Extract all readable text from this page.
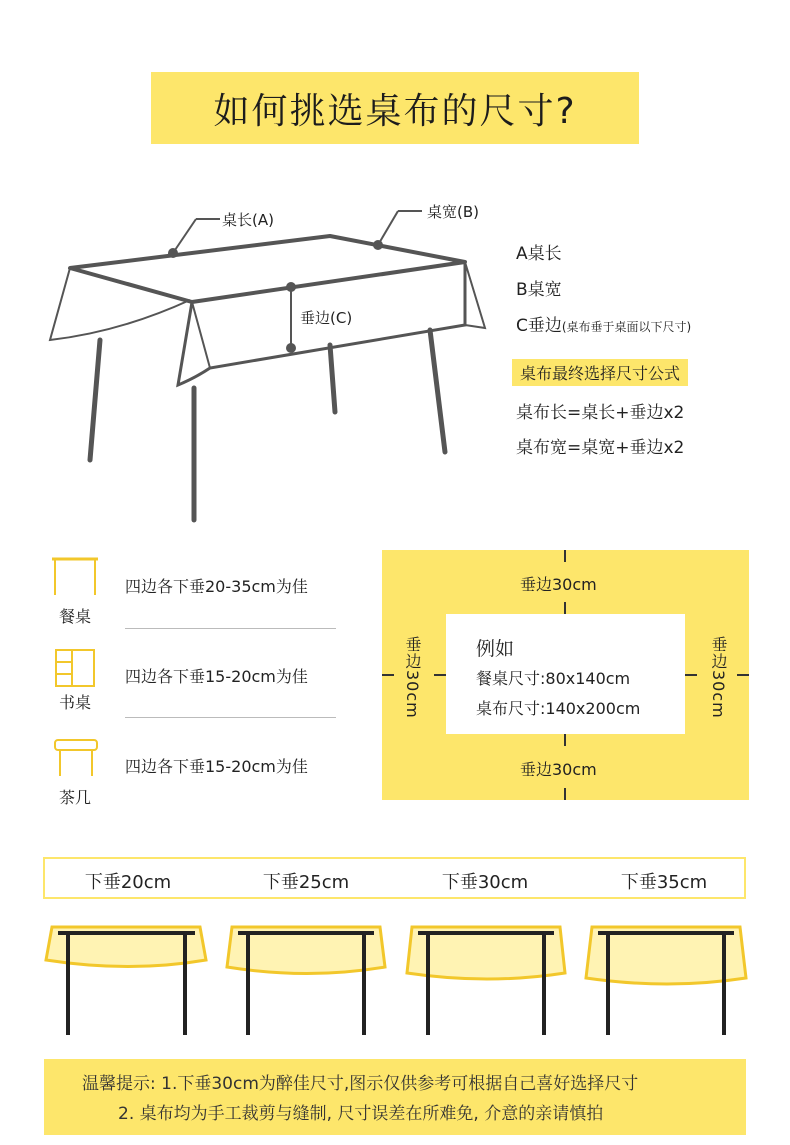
如何挑选桌布的尺寸?
桌长(A)	桌宽(B)
垂边(C)
A桌长
B桌宽
C垂边(桌布垂于桌面以下尺寸)
桌布最终选择尺寸公式
桌布长=桌长+垂边x2
桌布宽=桌宽+垂边x2
餐桌
四边各下垂20-35cm为佳
书桌
四边各下垂15-20cm为佳
茶几
四边各下垂15-20cm为佳
垂边30cm
垂边30cm
垂边30cm	垂边30cm
例如
餐桌尺寸:80x140cm
桌布尺寸:140x200cm
下垂20cm	下垂25cm	下垂30cm	下垂35cm
温馨提示: 1.下垂30cm为醉佳尺寸,图示仅供参考可根据自己喜好选择尺寸
2. 桌布均为手工裁剪与缝制, 尺寸误差在所难免, 介意的亲请慎拍
